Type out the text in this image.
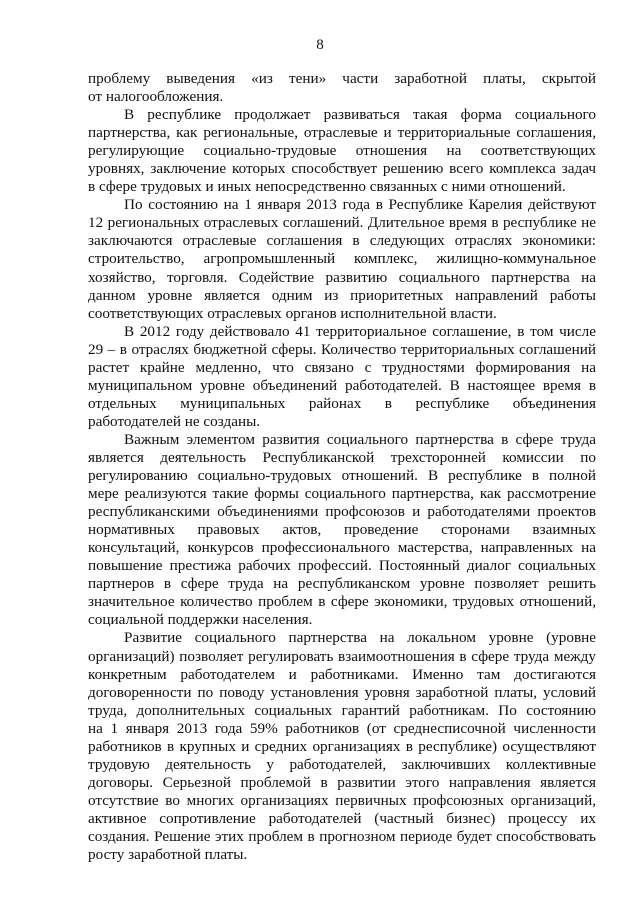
8
проблему выведения «из тени» части заработной платы, скрытой
от налогообложения.
В республике продолжает развиваться такая форма социального
партнерства, как региональные, отраслевые и территориальные соглашения,
регулирующие социально-трудовые отношения на соответствующих
уровнях, заключение которых способствует решению всего комплекса задач
в сфере трудовых и иных непосредственно связанных с ними отношений.
По состоянию на 1 января 2013 года в Республике Карелия действуют
12 региональных отраслевых соглашений. Длительное время в республике не
заключаются отраслевые соглашения в следующих отраслях экономики:
строительство, агропромышленный комплекс, жилищно-коммунальное
хозяйство, торговля. Содействие развитию социального партнерства на
данном уровне является одним из приоритетных направлений работы
соответствующих отраслевых органов исполнительной власти.
В 2012 году действовало 41 территориальное соглашение, в том числе
29 – в отраслях бюджетной сферы. Количество территориальных соглашений
растет крайне медленно, что связано с трудностями формирования на
муниципальном уровне объединений работодателей. В настоящее время в
отдельных муниципальных районах в республике объединения
работодателей не созданы.
Важным элементом развития социального партнерства в сфере труда
является деятельность Республиканской трехсторонней комиссии по
регулированию социально-трудовых отношений. В республике в полной
мере реализуются такие формы социального партнерства, как рассмотрение
республиканскими объединениями профсоюзов и работодателями проектов
нормативных правовых актов, проведение сторонами взаимных
консультаций, конкурсов профессионального мастерства, направленных на
повышение престижа рабочих профессий. Постоянный диалог социальных
партнеров в сфере труда на республиканском уровне позволяет решить
значительное количество проблем в сфере экономики, трудовых отношений,
социальной поддержки населения.
Развитие социального партнерства на локальном уровне (уровне
организаций) позволяет регулировать взаимоотношения в сфере труда между
конкретным работодателем и работниками. Именно там достигаются
договоренности по поводу установления уровня заработной платы, условий
труда, дополнительных социальных гарантий работникам. По состоянию
на 1 января 2013 года 59% работников (от среднесписочной численности
работников в крупных и средних организациях в республике) осуществляют
трудовую деятельность у работодателей, заключивших коллективные
договоры. Серьезной проблемой в развитии этого направления является
отсутствие во многих организациях первичных профсоюзных организаций,
активное сопротивление работодателей (частный бизнес) процессу их
создания. Решение этих проблем в прогнозном периоде будет способствовать
росту заработной платы.
